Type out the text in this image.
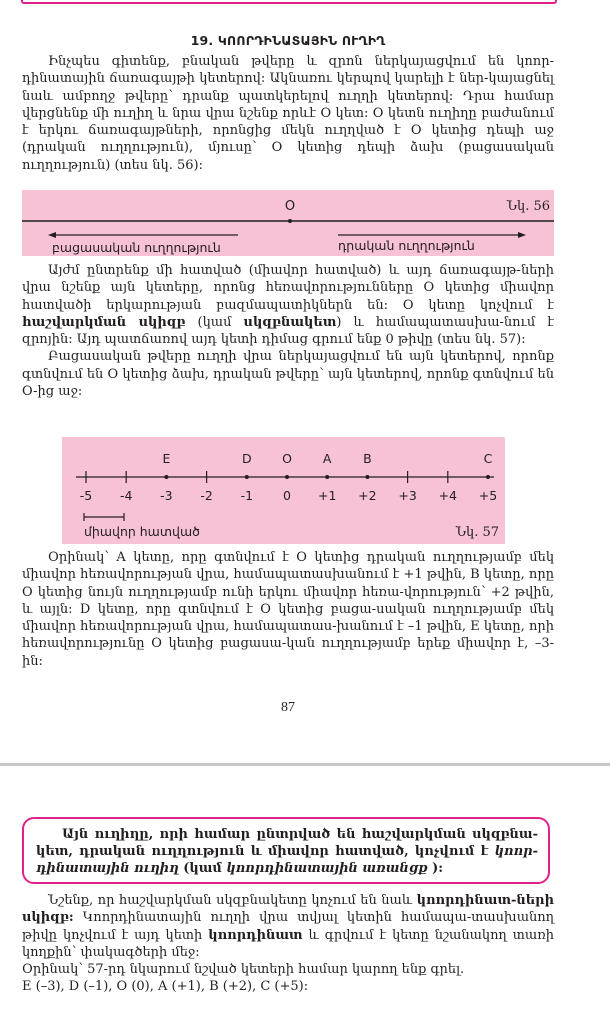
19. ԿՈՈՐԴԻՆԱՏԱՅԻՆ ՈՒՂԻՂ

Ինչպես գիտենք, բնական թվերը և զրոն ներկայացվում են կոոր-դինատային ճառագայթի կետերով: Ակնառու կերպով կարելի է ներ-կայացնել նաև ամբողջ թվերը՝ դրանք պատկերելով ուղղի կետերով: Դրա համար վերցնենք մի ուղիղ և նրա վրա նշենք որևէ O կետ: O կետն ուղիղը բաժանում է երկու ճառագայթների, որոնցից մեկն ուղղված է O կետից դեպի աջ (դրական ուղղություն), մյուսը՝ O կետից դեպի ձախ (բացասական ուղղություն) (տես նկ. 56):

O	Նկ. 56
բացասական ուղղություն	դրական ուղղություն

Այժմ ընտրենք մի հատված (միավոր հատված) և այդ ճառագայթ-ների վրա նշենք այն կետերը, որոնց հեռավորությունները O կետից միավոր հատվածի երկարության բազմապատիկներն են: O կետը կոչվում է հաշվարկման սկիզբ (կամ սկզբնակետ) և համապատասխա-նում է զրոյին: Այդ պատճառով այդ կետի դիմաց գրում ենք 0 թիվը (տես նկ. 57):

Բացասական թվերը ուղղի վրա ներկայացվում են այն կետերով, որոնք գտնվում են O կետից ձախ, դրական թվերը՝ այն կետերով, որոնք գտնվում են O-ից աջ:

-5 -4
E
-3 -2
D
-1
O
0
A
+1
B
+2 +3 +4
C
+5
միավոր հատված	Նկ. 57

Օրինակ՝ A կետը, որը գտնվում է O կետից դրական ուղղությամբ մեկ միավոր հեռավորության վրա, համապատասխանում է +1 թվին, B կետը, որը O կետից նույն ուղղությամբ ունի երկու միավոր հեռա-վորություն՝ +2 թվին, և այլն: D կետը, որը գտնվում է O կետից բացա-սական ուղղությամբ մեկ միավոր հեռավորության վրա, համապատաս-խանում է –1 թվին, E կետը, որի հեռավորությունը O կետից բացասա-կան ուղղությամբ երեք միավոր է, –3-ին:

87

Այն ուղիղը, որի համար ընտրված են հաշվարկման սկզբնա-կետ, դրական ուղղություն և միավոր հատված, կոչվում է կոոր-դինատային ուղիղ (կամ կոորդինատային առանցք ):

Նշենք, որ հաշվարկման սկզբնակետը կոչում են նաև կոորդինատ-ների սկիզբ: Կոորդինատային ուղղի վրա տվյալ կետին համապա-տասխանող թիվը կոչվում է այդ կետի կոորդինատ և գրվում է կետը նշանակող տառի կողքին՝ փակագծերի մեջ:

Օրինակ՝ 57-րդ նկարում նշված կետերի համար կարող ենք գրել.

E (–3), D (–1), O (0), A (+1), B (+2), C (+5):
